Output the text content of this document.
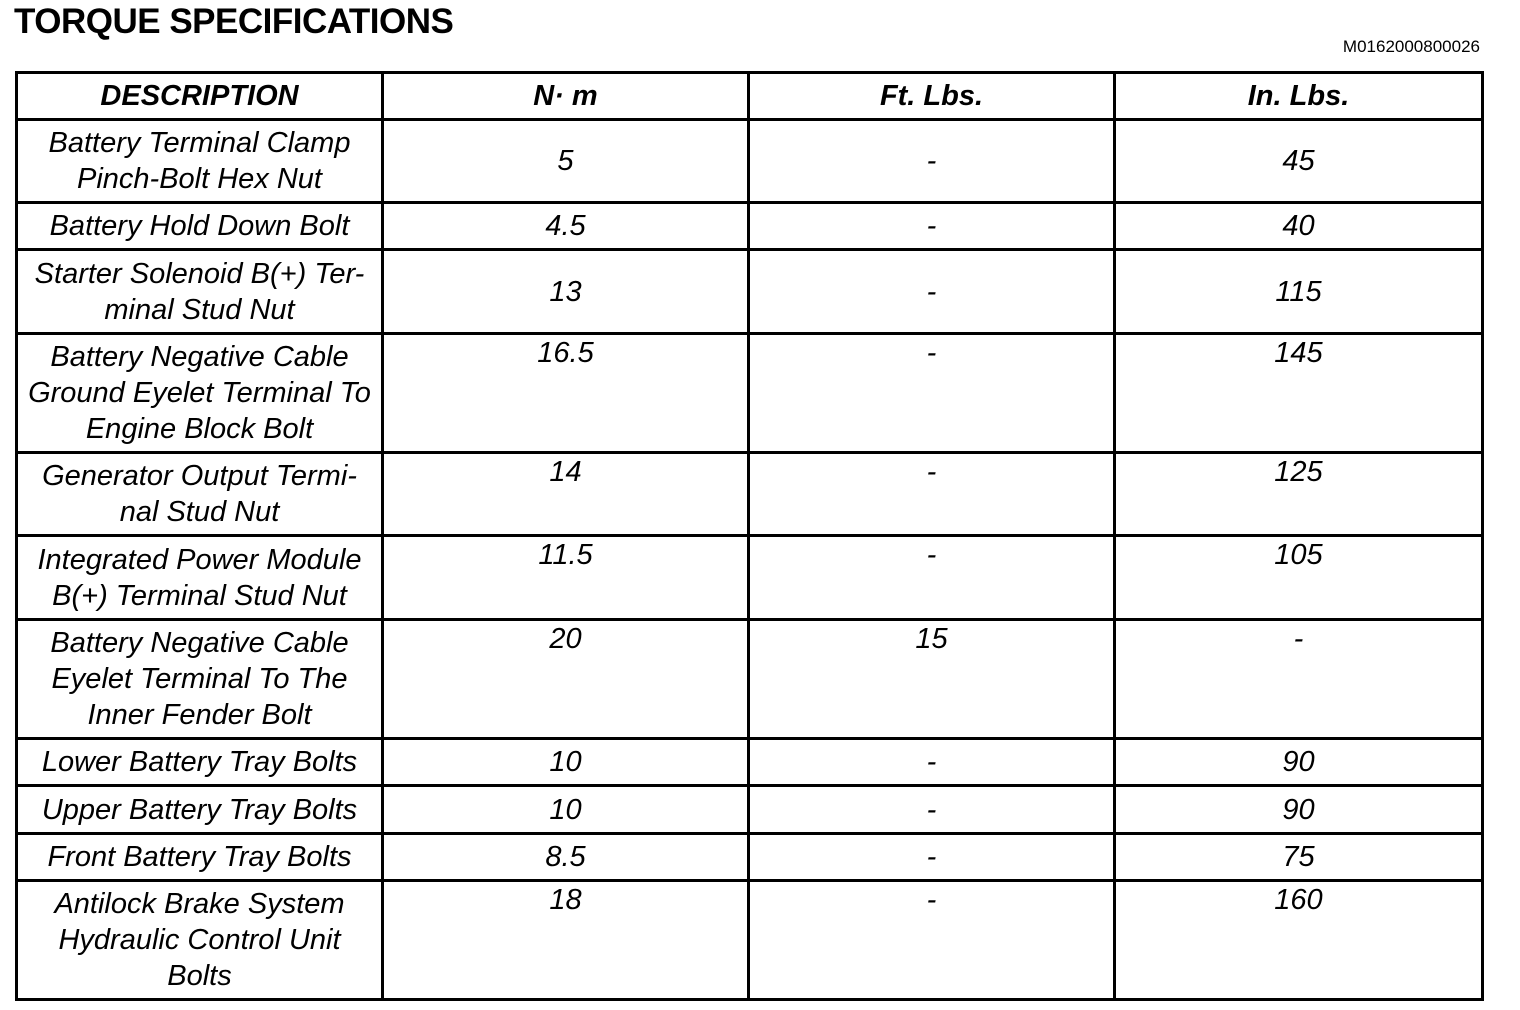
TORQUE SPECIFICATIONS
M0162000800026
DESCRIPTION	N· m	Ft. Lbs.	In. Lbs.
Battery Terminal Clamp Pinch-Bolt Hex Nut	5	-	45
Battery Hold Down Bolt	4.5	-	40
Starter Solenoid B(+) Ter-minal Stud Nut	13	-	115
Battery Negative Cable Ground Eyelet Terminal To Engine Block Bolt	16.5	-	145
Generator Output Termi-nal Stud Nut	14	-	125
Integrated Power Module B(+) Terminal Stud Nut	11.5	-	105
Battery Negative Cable Eyelet Terminal To The Inner Fender Bolt	20	15	-
Lower Battery Tray Bolts	10	-	90
Upper Battery Tray Bolts	10	-	90
Front Battery Tray Bolts	8.5	-	75
Antilock Brake System Hydraulic Control Unit Bolts	18	-	160
